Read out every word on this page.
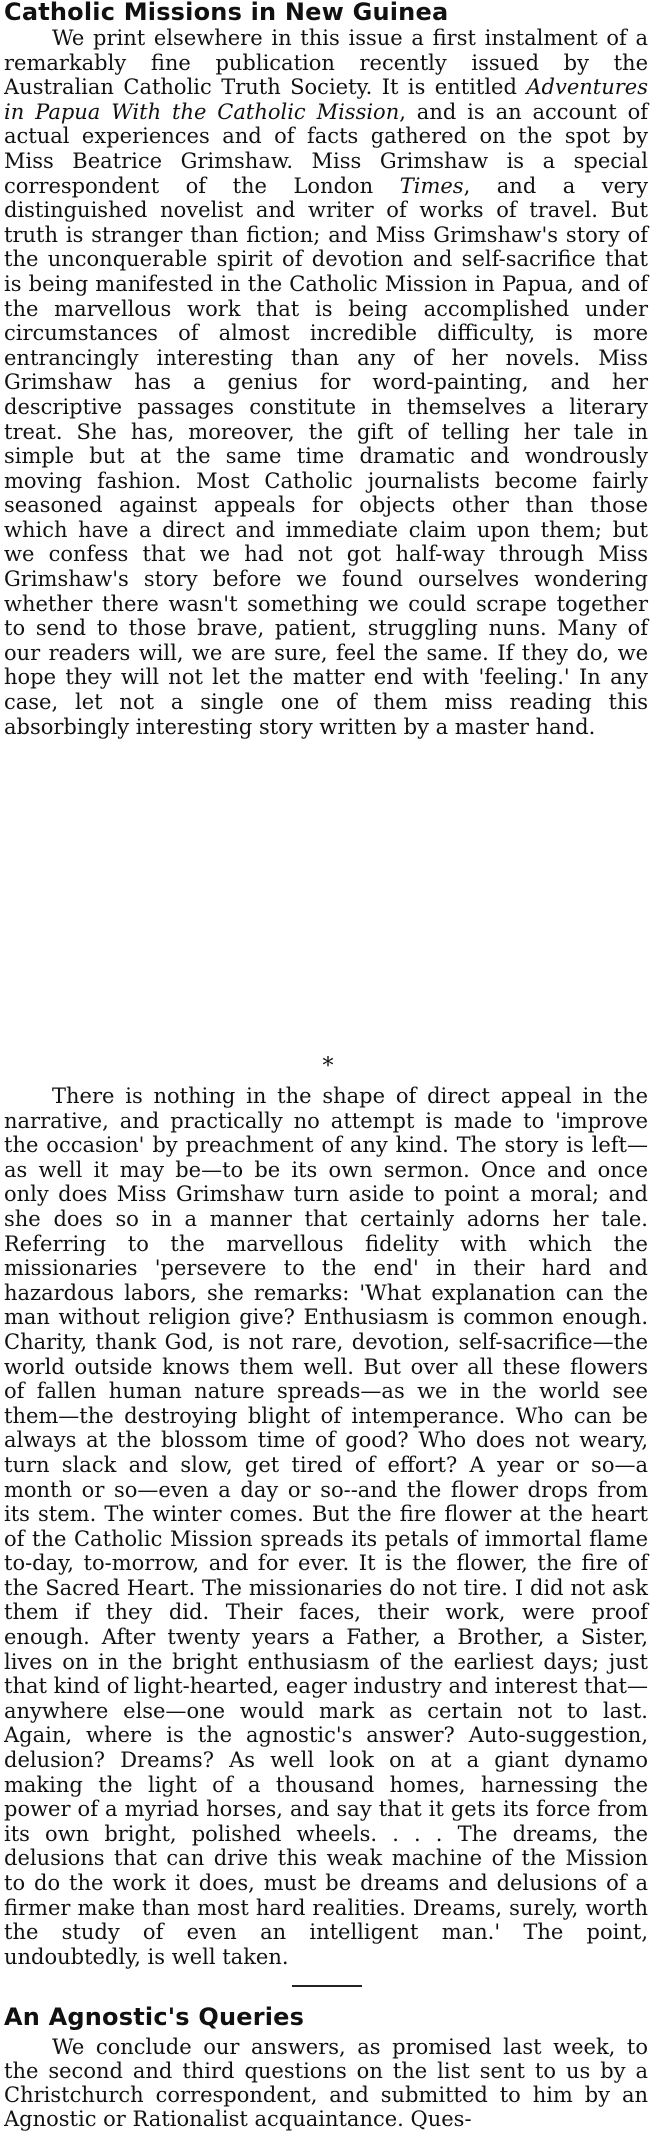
Catholic Missions in New Guinea

We print elsewhere in this issue a first instalment of a remarkably fine publication recently issued by the Australian Catholic Truth Society. It is entitled Adventures in Papua With the Catholic Mission, and is an account of actual experiences and of facts gathered on the spot by Miss Beatrice Grimshaw. Miss Grimshaw is a special correspondent of the London Times, and a very distinguished novelist and writer of works of travel. But truth is stranger than fiction; and Miss Grimshaw's story of the unconquerable spirit of devotion and self-sacrifice that is being manifested in the Catholic Mission in Papua, and of the marvellous work that is being accomplished under circumstances of almost incredible difficulty, is more entrancingly interesting than any of her novels. Miss Grimshaw has a genius for word-painting, and her descriptive passages constitute in themselves a literary treat. She has, moreover, the gift of telling her tale in simple but at the same time dramatic and wondrously moving fashion. Most Catholic journalists become fairly seasoned against appeals for objects other than those which have a direct and immediate claim upon them; but we confess that we had not got half-way through Miss Grimshaw's story before we found ourselves wondering whether there wasn't something we could scrape together to send to those brave, patient, struggling nuns. Many of our readers will, we are sure, feel the same. If they do, we hope they will not let the matter end with 'feeling.' In any case, let not a single one of them miss reading this absorbingly interesting story written by a master hand.

*

There is nothing in the shape of direct appeal in the narrative, and practically no attempt is made to 'improve the occasion' by preachment of any kind. The story is left—as well it may be—to be its own sermon. Once and once only does Miss Grimshaw turn aside to point a moral; and she does so in a manner that certainly adorns her tale. Referring to the marvellous fidelity with which the missionaries 'persevere to the end' in their hard and hazardous labors, she remarks: 'What explanation can the man without religion give? Enthusiasm is common enough. Charity, thank God, is not rare, devotion, self-sacrifice—the world outside knows them well. But over all these flowers of fallen human nature spreads—as we in the world see them—the destroying blight of intemperance. Who can be always at the blossom time of good? Who does not weary, turn slack and slow, get tired of effort? A year or so—a month or so—even a day or so--and the flower drops from its stem. The winter comes. But the fire flower at the heart of the Catholic Mission spreads its petals of immortal flame to-day, to-morrow, and for ever. It is the flower, the fire of the Sacred Heart. The missionaries do not tire. I did not ask them if they did. Their faces, their work, were proof enough. After twenty years a Father, a Brother, a Sister, lives on in the bright enthusiasm of the earliest days; just that kind of light-hearted, eager industry and interest that—anywhere else—one would mark as certain not to last. Again, where is the agnostic's answer? Auto-suggestion, delusion? Dreams? As well look on at a giant dynamo making the light of a thousand homes, harnessing the power of a myriad horses, and say that it gets its force from its own bright, polished wheels. . . . The dreams, the delusions that can drive this weak machine of the Mission to do the work it does, must be dreams and delusions of a firmer make than most hard realities. Dreams, surely, worth the study of even an intelligent man.' The point, undoubtedly, is well taken.

An Agnostic's Queries

We conclude our answers, as promised last week, to the second and third questions on the list sent to us by a Christchurch correspondent, and submitted to him by an Agnostic or Rationalist acquaintance. Ques-
